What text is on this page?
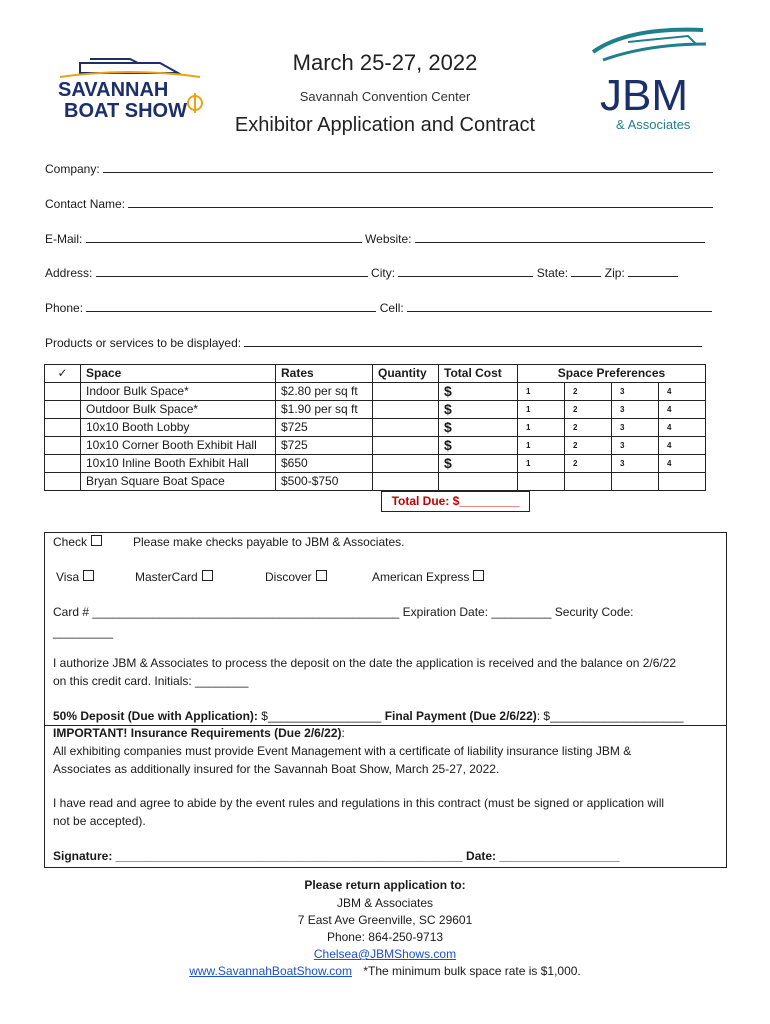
SAVANNAH
BOAT SHOW	JBM
& Associates
March 25-27, 2022
Savannah Convention Center
Exhibitor Application and Contract
Company:
Contact Name:
E-Mail:	Website:
Address:	City:	State:	Zip:
Phone:	Cell:
Products or services to be displayed:
✓	Space	Rates	Quantity	Total Cost	Space Preferences			
	Indoor Bulk Space*	$2.80 per sq ft		$	1	2	3	4
	Outdoor Bulk Space*	$1.90 per sq ft		$	1	2	3	4
	10x10 Booth Lobby	$725		$	1	2	3	4
	10x10 Corner Booth Exhibit Hall	$725		$	1	2	3	4
	10x10 Inline Booth Exhibit Hall	$650		$	1	2	3	4
	Bryan Square Boat Space	$500-$750						
Total Due: $_________
Check	Please make checks payable to JBM & Associates.
Visa	MasterCard	Discover	American Express
Card # ______________________________________________ Expiration Date: _________ Security Code:
_________
I authorize JBM & Associates to process the deposit on the date the application is received and the balance on 2/6/22
on this credit card. Initials: ________
50% Deposit (Due with Application): $_________________ Final Payment (Due 2/6/22): $____________________
IMPORTANT! Insurance Requirements (Due 2/6/22):
All exhibiting companies must provide Event Management with a certificate of liability insurance listing JBM &
Associates as additionally insured for the Savannah Boat Show, March 25-27, 2022.
I have read and agree to abide by the event rules and regulations in this contract (must be signed or application will
not be accepted).
Signature: ____________________________________________________ Date: __________________
Please return application to:
JBM & Associates
7 East Ave Greenville, SC 29601
Phone: 864-250-9713
Chelsea@JBMShows.com
www.SavannahBoatShow.com *The minimum bulk space rate is $1,000.
